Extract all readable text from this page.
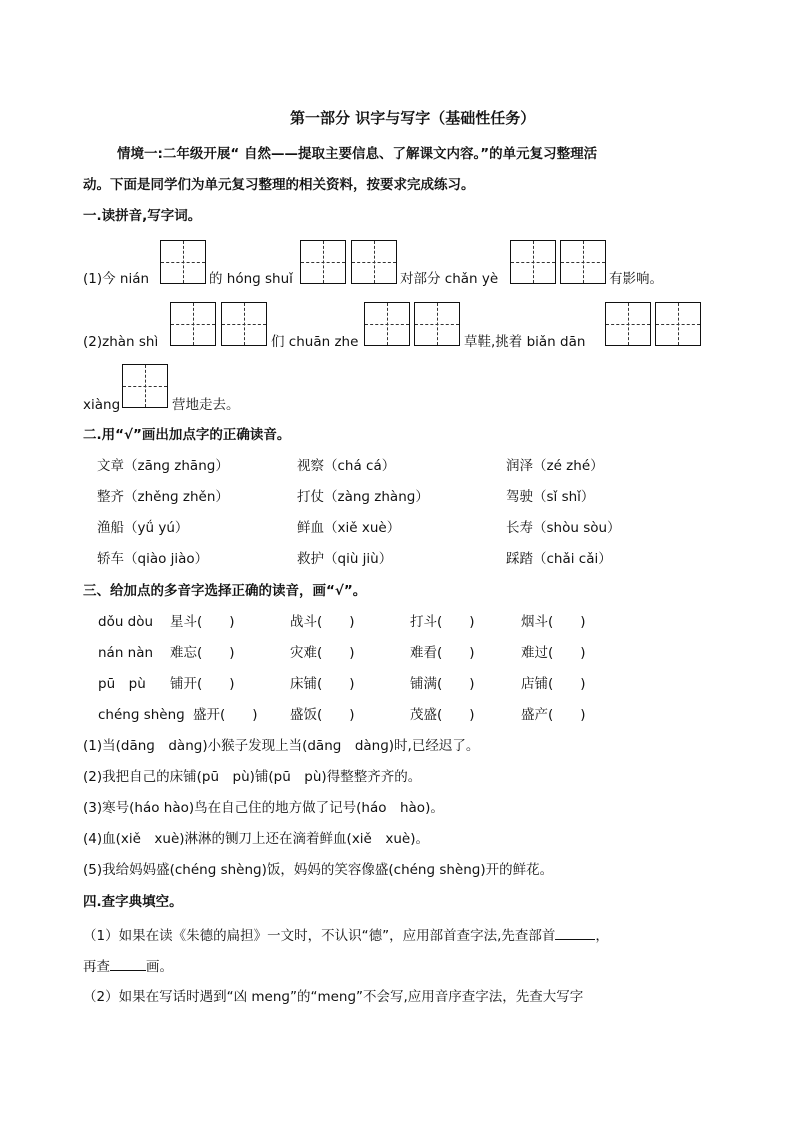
第一部分 识字与写字（基础性任务）
情境一:二年级开展“ 自然——提取主要信息、了解课文内容。”的单元复习整理活
动。下面是同学们为单元复习整理的相关资料，按要求完成练习。
一.读拼音,写字词。
(1)今 nián	的 hónɡ shuǐ	对部分 chǎn yè	有影响。
(2)zhàn shì	们 chuān zhe	草鞋,挑着 biǎn dān
xiàng	营地走去。
二.用“√”画出加点字的正确读音。
文章（zānɡ zhānɡ）	视察（chá cá）	润泽（zé zhé）
整齐（zhěnɡ zhěn）	打仗（zànɡ zhànɡ）	驾驶（sǐ shǐ）
渔船（yǘ yú）	鲜血（xiě xuè）	长寿（shòu sòu）
轿车（qiào jiào）	救护（qiù jiù）	踩踏（chǎi cǎi）
三、给加点的多音字选择正确的读音，画“√”。
dǒu dòu 星斗(　　)	战斗(　　)	打斗(　　)	烟斗(　　)
nán nàn 难忘(　　)	灾难(　　)	难看(　　)	难过(　　)
pū　pù 铺开(　　)	床铺(　　)	铺满(　　)	店铺(　　)
chénɡ shènɡ 盛开(　　) 盛饭(　　)	茂盛(　　)	盛产(　　)
(1)当(dānɡ　dànɡ)小猴子发现上当(dānɡ　dànɡ)时,已经迟了。
(2)我把自己的床铺(pū　pù)铺(pū　pù)得整整齐齐的。
(3)寒号(háo hào)鸟在自己住的地方做了记号(háo　hào)。
(4)血(xiě　xuè)淋淋的铡刀上还在滴着鲜血(xiě　xuè)。
(5)我给妈妈盛(chénɡ shènɡ)饭，妈妈的笑容像盛(chénɡ shènɡ)开的鲜花。
四.查字典填空。
（1）如果在读《朱德的扁担》一文时，不认识“德”，应用部首查字法,先查部首	，
再查	画。
（2）如果在写话时遇到“凶 menɡ”的“menɡ”不会写,应用音序查字法，先查大写字
